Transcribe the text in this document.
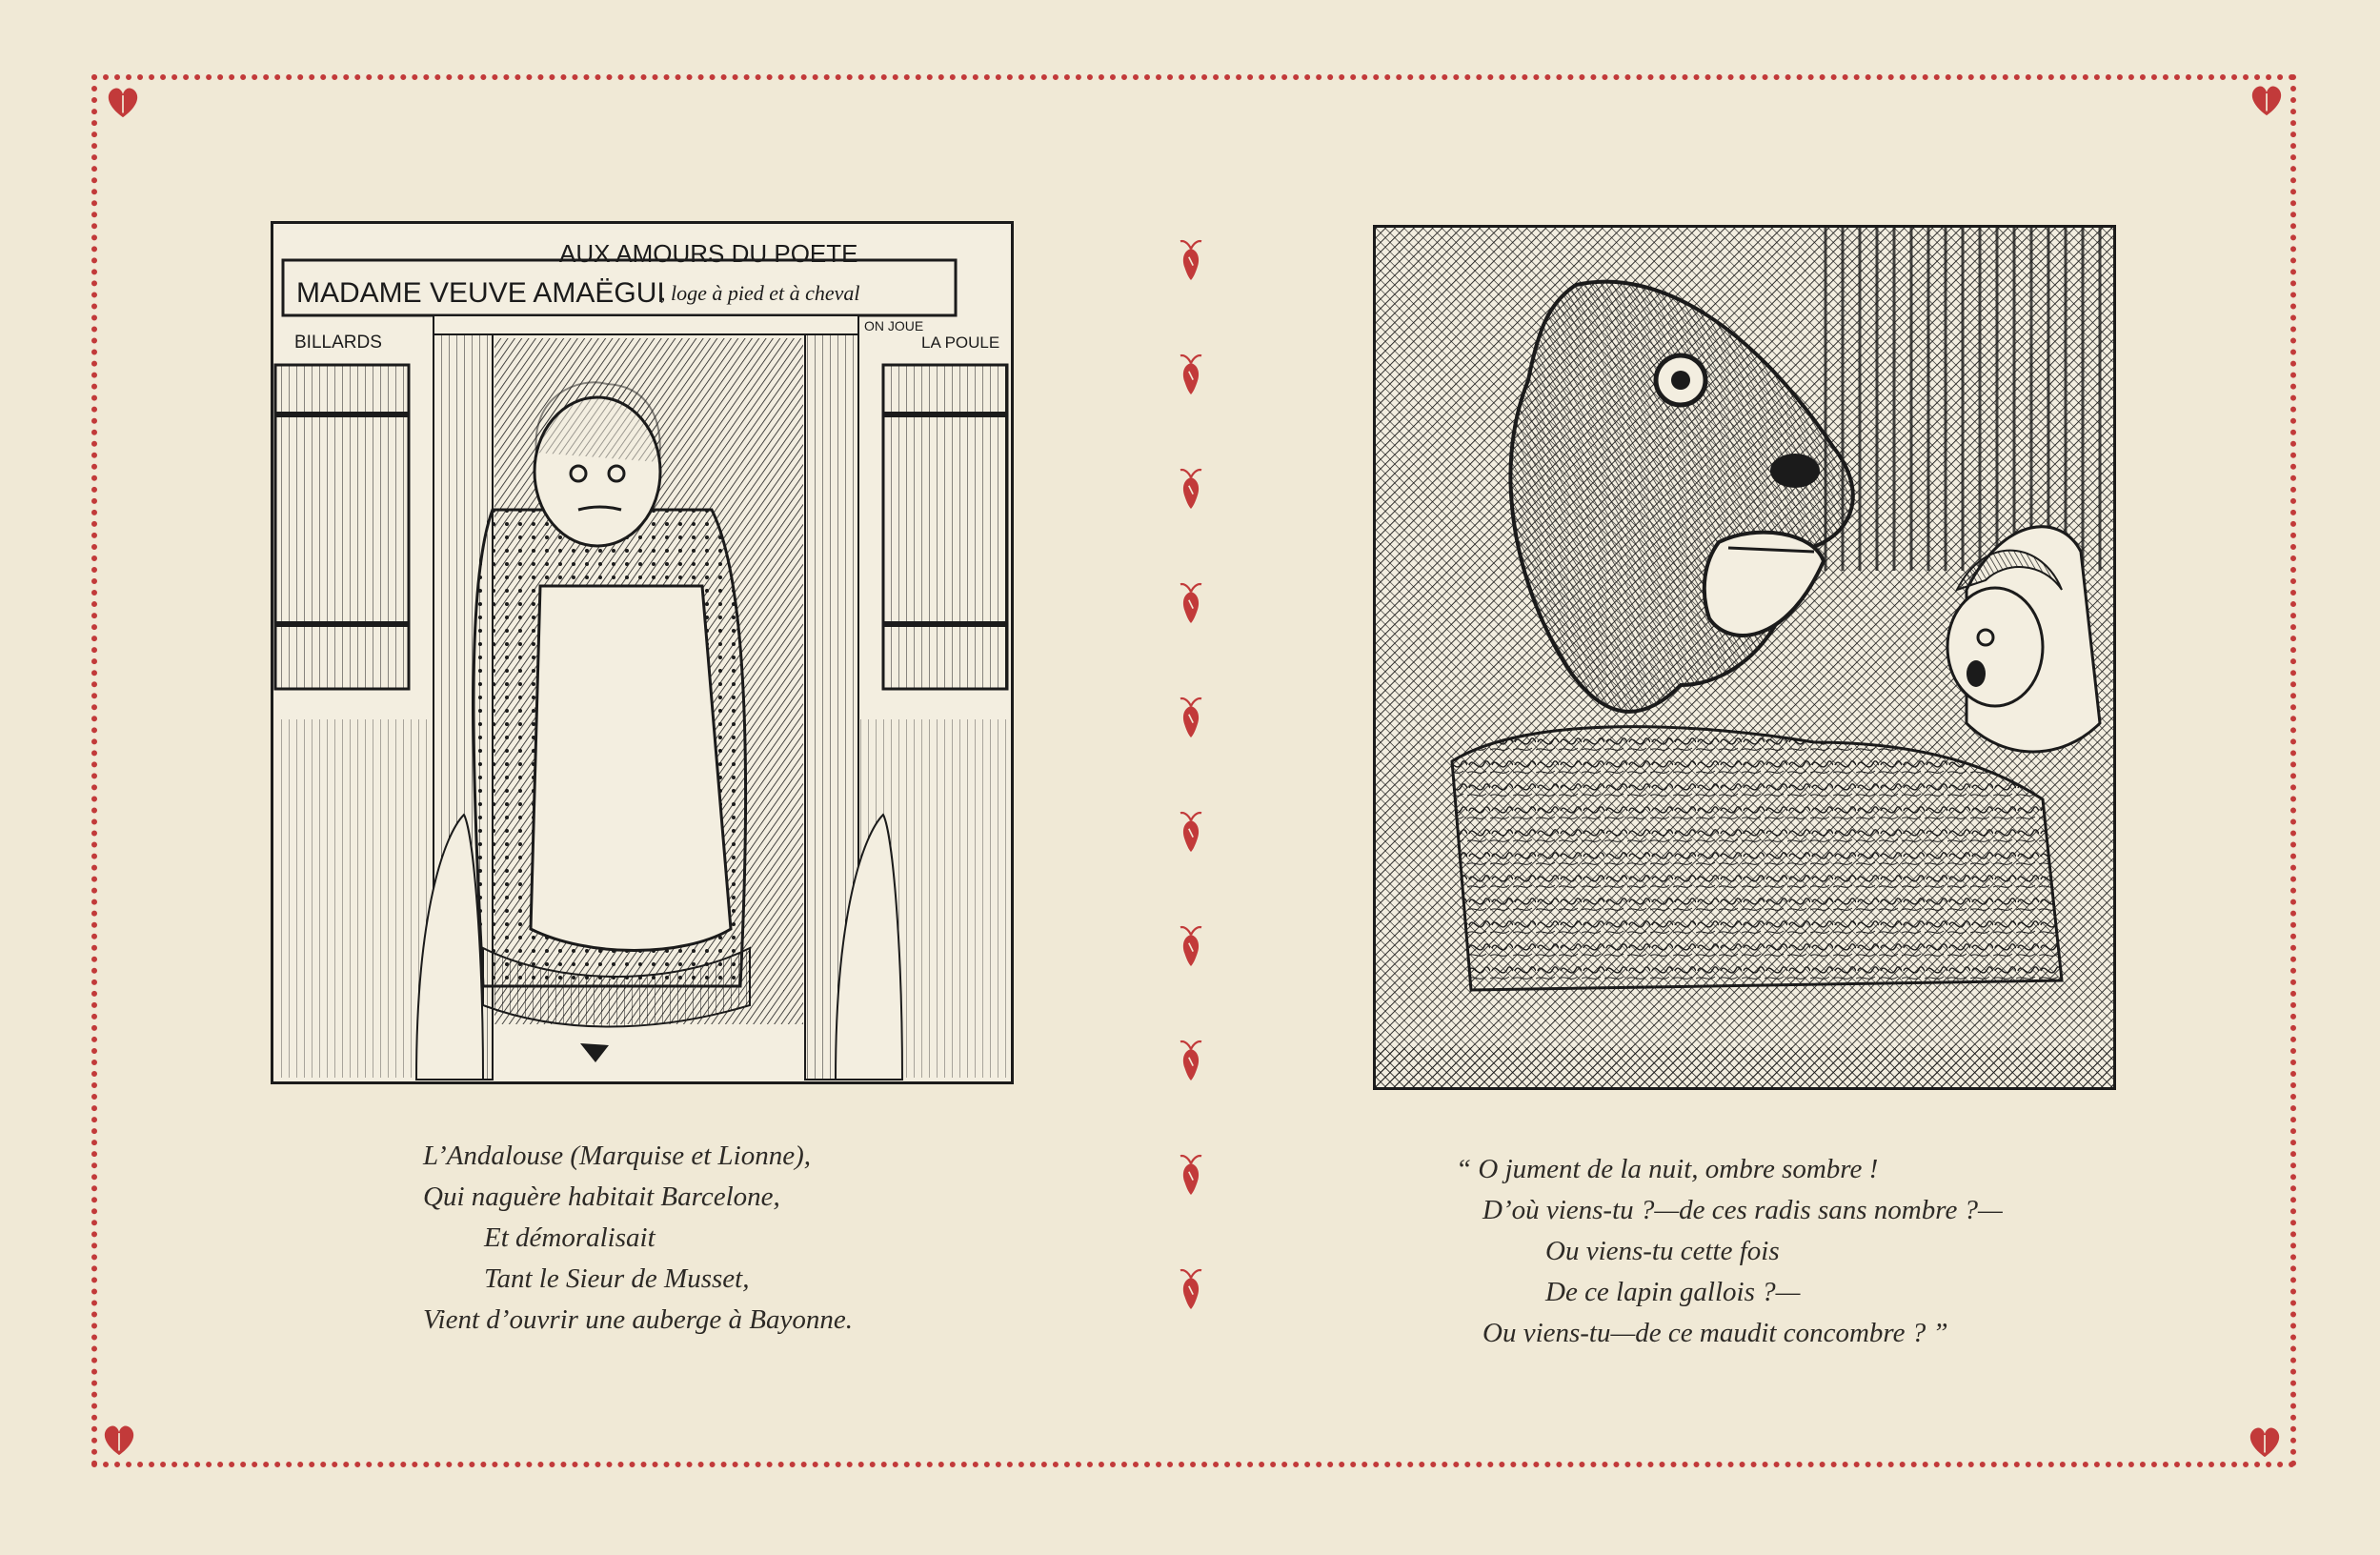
AUX AMOURS DU POETE
MADAME VEUVE AMAËGUI
, loge à pied et à cheval
BILLARDS
ON JOUE
LA POULE
L’Andalouse (Marquise et Lionne),
Qui naguère habitait Barcelone,
Et démoralisait
Tant le Sieur de Musset,
Vient d’ouvrir une auberge à Bayonne.
“ O jument de la nuit, ombre sombre !
D’où viens-tu ?—de ces radis sans nombre ?—
Ou viens-tu cette fois
De ce lapin gallois ?—
Ou viens-tu—de ce maudit concombre ? ”
